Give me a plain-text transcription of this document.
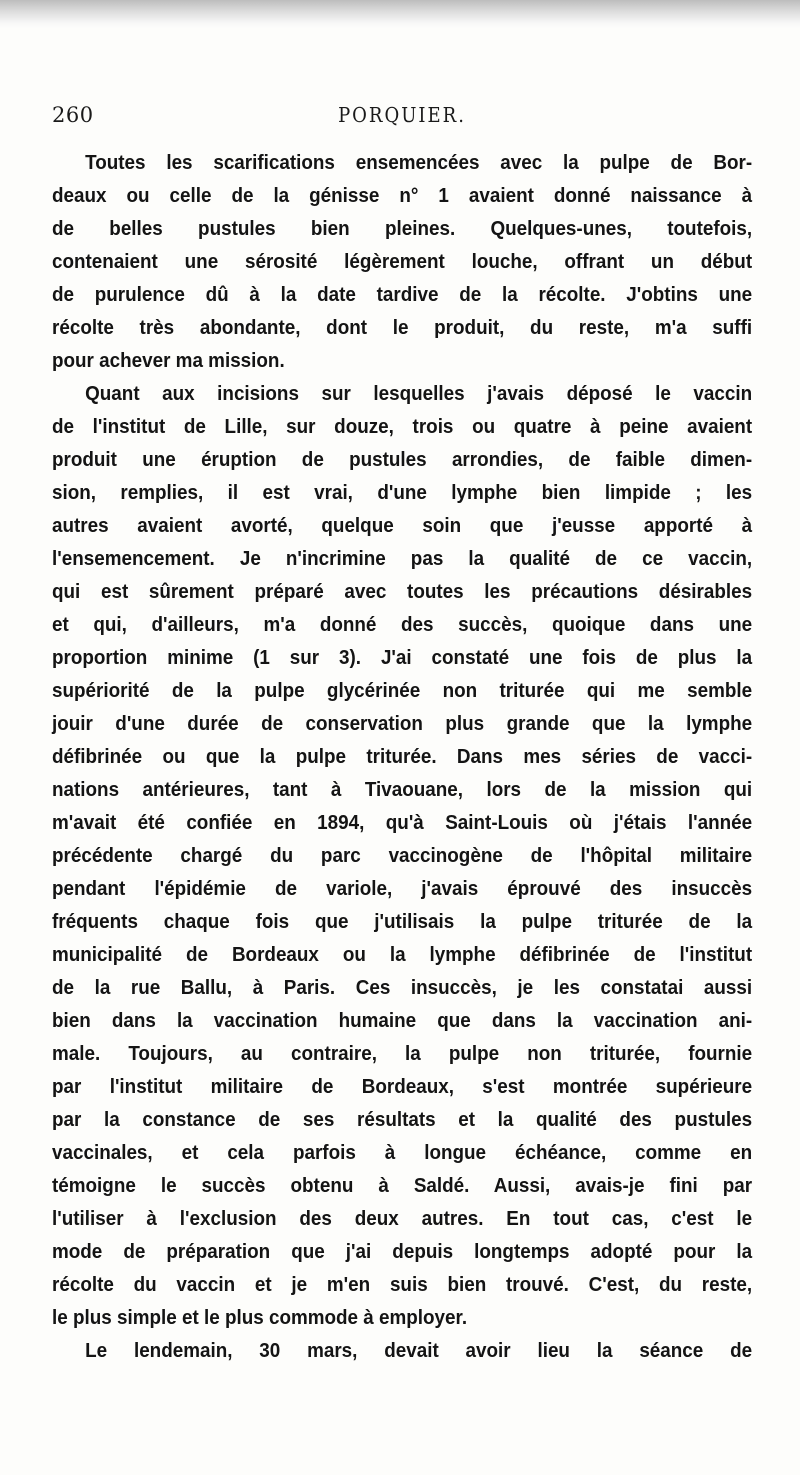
260	PORQUIER.
Toutes les scarifications ensemencées avec la pulpe de Bor-
deaux ou celle de la génisse n° 1 avaient donné naissance à
de belles pustules bien pleines. Quelques-unes, toutefois,
contenaient une sérosité légèrement louche, offrant un début
de purulence dû à la date tardive de la récolte. J'obtins une
récolte très abondante, dont le produit, du reste, m'a suffi
pour achever ma mission.
Quant aux incisions sur lesquelles j'avais déposé le vaccin
de l'institut de Lille, sur douze, trois ou quatre à peine avaient
produit une éruption de pustules arrondies, de faible dimen-
sion, remplies, il est vrai, d'une lymphe bien limpide ; les
autres avaient avorté, quelque soin que j'eusse apporté à
l'ensemencement. Je n'incrimine pas la qualité de ce vaccin,
qui est sûrement préparé avec toutes les précautions désirables
et qui, d'ailleurs, m'a donné des succès, quoique dans une
proportion minime (1 sur 3). J'ai constaté une fois de plus la
supériorité de la pulpe glycérinée non triturée qui me semble
jouir d'une durée de conservation plus grande que la lymphe
défibrinée ou que la pulpe triturée. Dans mes séries de vacci-
nations antérieures, tant à Tivaouane, lors de la mission qui
m'avait été confiée en 1894, qu'à Saint-Louis où j'étais l'année
précédente chargé du parc vaccinogène de l'hôpital militaire
pendant l'épidémie de variole, j'avais éprouvé des insuccès
fréquents chaque fois que j'utilisais la pulpe triturée de la
municipalité de Bordeaux ou la lymphe défibrinée de l'institut
de la rue Ballu, à Paris. Ces insuccès, je les constatai aussi
bien dans la vaccination humaine que dans la vaccination ani-
male. Toujours, au contraire, la pulpe non triturée, fournie
par l'institut militaire de Bordeaux, s'est montrée supérieure
par la constance de ses résultats et la qualité des pustules
vaccinales, et cela parfois à longue échéance, comme en
témoigne le succès obtenu à Saldé. Aussi, avais-je fini par
l'utiliser à l'exclusion des deux autres. En tout cas, c'est le
mode de préparation que j'ai depuis longtemps adopté pour la
récolte du vaccin et je m'en suis bien trouvé. C'est, du reste,
le plus simple et le plus commode à employer.
Le lendemain, 30 mars, devait avoir lieu la séance de
